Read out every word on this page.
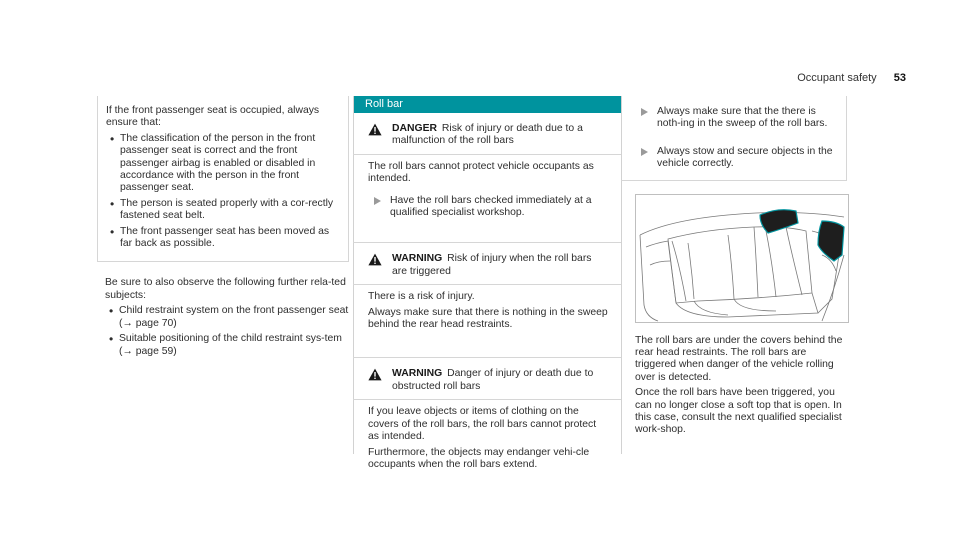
Occupant safety 53
If the front passenger seat is occupied, always ensure that:
• The classification of the person in the front passenger seat is correct and the front passenger airbag is enabled or disabled in accordance with the person in the front passenger seat.
• The person is seated properly with a cor-rectly fastened seat belt.
• The front passenger seat has been moved as far back as possible.
Be sure to also observe the following further rela-ted subjects:
• Child restraint system on the front passenger seat (→ page 70)
• Suitable positioning of the child restraint sys-tem (→ page 59)
Roll bar
DANGER Risk of injury or death due to a malfunction of the roll bars

The roll bars cannot protect vehicle occupants as intended.

Have the roll bars checked immediately at a qualified specialist workshop.
WARNING Risk of injury when the roll bars are triggered

There is a risk of injury.

Always make sure that there is nothing in the sweep behind the rear head restraints.

WARNING Danger of injury or death due to obstructed roll bars

If you leave objects or items of clothing on the covers of the roll bars, the roll bars cannot protect as intended.

Furthermore, the objects may endanger vehi-cle occupants when the roll bars extend.

Always make sure that the there is noth-ing in the sweep of the roll bars.
Always stow and secure objects in the vehicle correctly.

The roll bars are under the covers behind the rear head restraints. The roll bars are triggered when danger of the vehicle rolling over is detected.

Once the roll bars have been triggered, you can no longer close a soft top that is open. In this case, consult the next qualified specialist work-shop.
